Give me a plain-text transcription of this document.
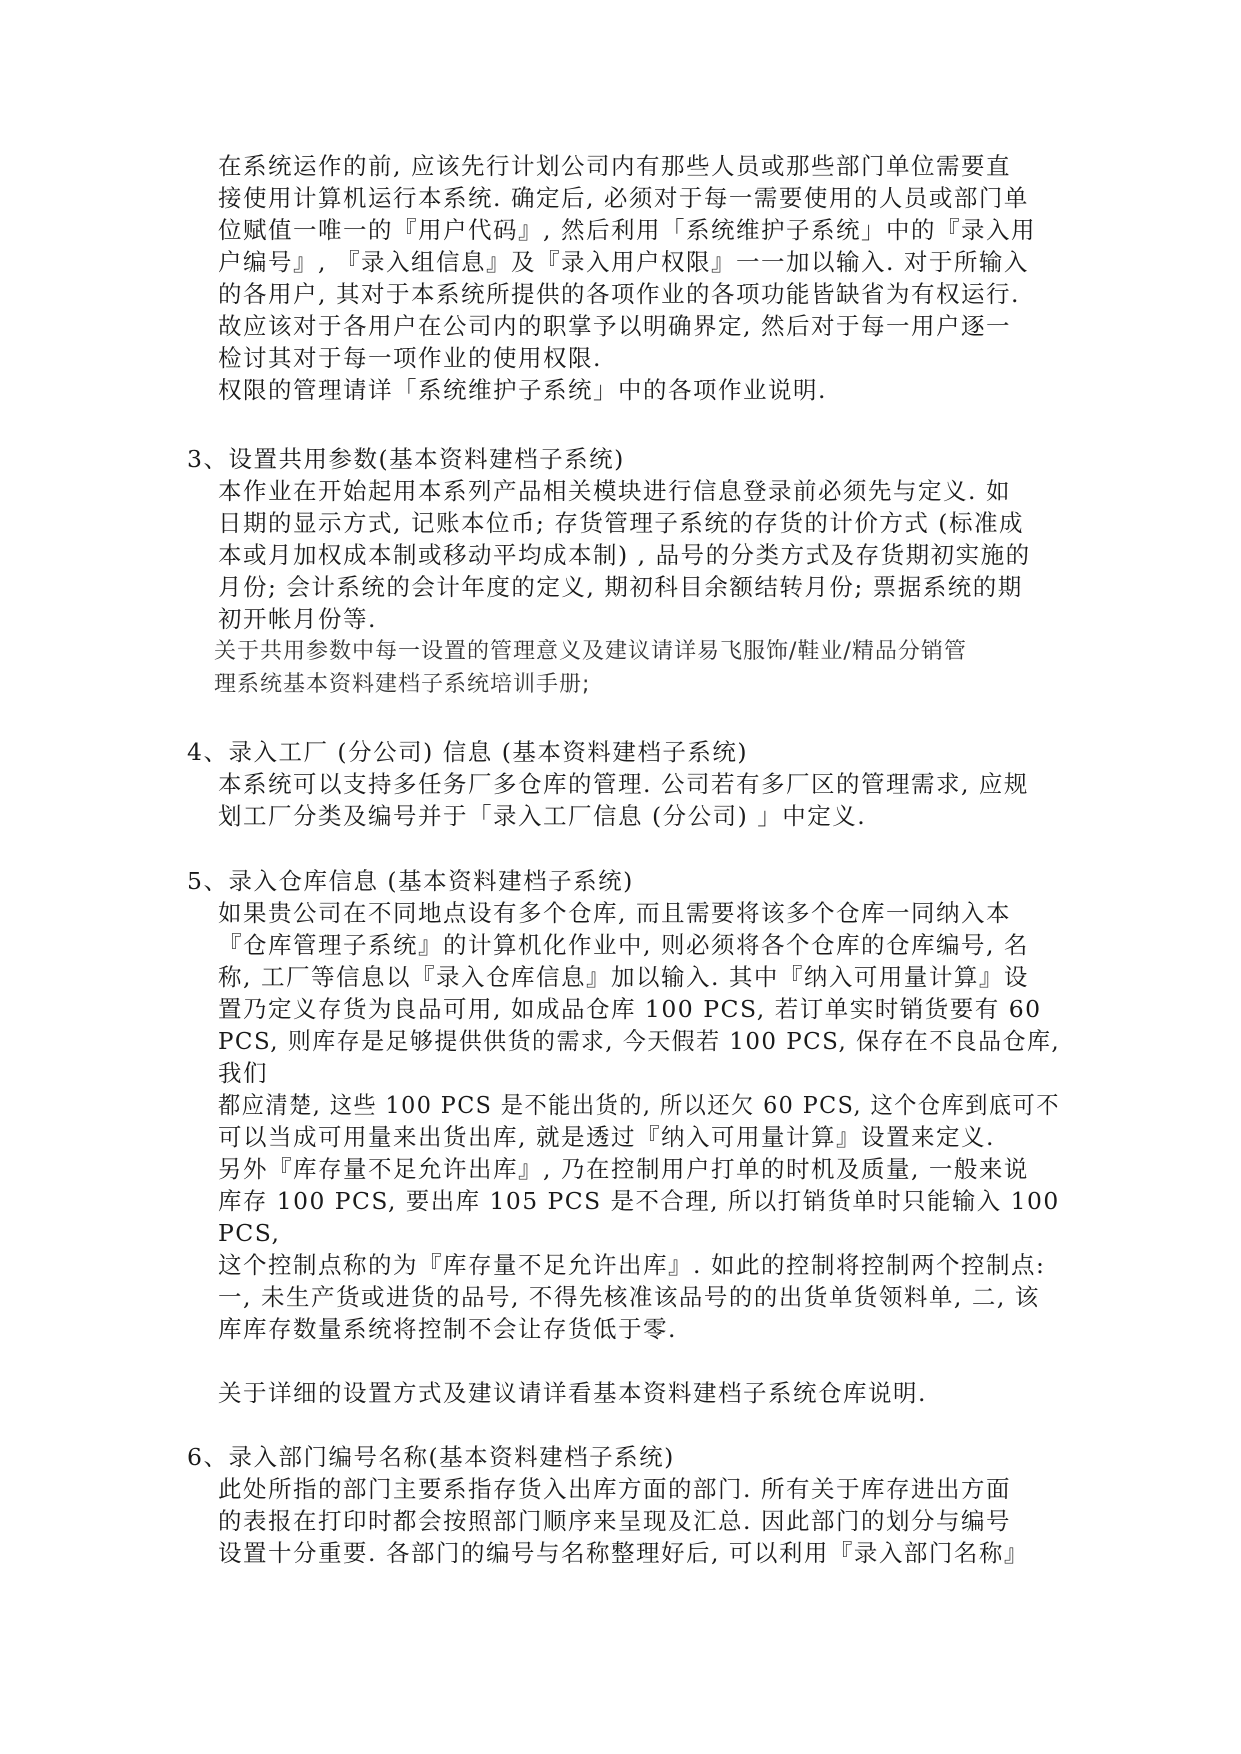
在系统运作的前, 应该先行计划公司内有那些人员或那些部门单位需要直
接使用计算机运行本系统. 确定后, 必须对于每一需要使用的人员或部门单
位赋值一唯一的『用户代码』, 然后利用「系统维护子系统」中的『录入用
户编号』, 『录入组信息』及『录入用户权限』一一加以输入. 对于所输入
的各用户, 其对于本系统所提供的各项作业的各项功能皆缺省为有权运行.
故应该对于各用户在公司内的职掌予以明确界定, 然后对于每一用户逐一
检讨其对于每一项作业的使用权限.
权限的管理请详「系统维护子系统」中的各项作业说明.
3、设置共用参数(基本资料建档子系统)
本作业在开始起用本系列产品相关模块进行信息登录前必须先与定义. 如
日期的显示方式, 记账本位币; 存货管理子系统的存货的计价方式 (标准成
本或月加权成本制或移动平均成本制) , 品号的分类方式及存货期初实施的
月份; 会计系统的会计年度的定义, 期初科目余额结转月份; 票据系统的期
初开帐月份等.
关于共用参数中每一设置的管理意义及建议请详易飞服饰/鞋业/精品分销管
理系统基本资料建档子系统培训手册;
4、录入工厂 (分公司) 信息 (基本资料建档子系统)
本系统可以支持多任务厂多仓库的管理. 公司若有多厂区的管理需求, 应规
划工厂分类及编号并于「录入工厂信息 (分公司) 」中定义.
5、录入仓库信息 (基本资料建档子系统)
如果贵公司在不同地点设有多个仓库, 而且需要将该多个仓库一同纳入本
『仓库管理子系统』的计算机化作业中, 则必须将各个仓库的仓库编号, 名
称, 工厂等信息以『录入仓库信息』加以输入. 其中『纳入可用量计算』设
置乃定义存货为良品可用, 如成品仓库 100 PCS, 若订单实时销货要有 60
PCS, 则库存是足够提供供货的需求, 今天假若 100 PCS, 保存在不良品仓库,
我们
都应清楚, 这些 100 PCS 是不能出货的, 所以还欠 60 PCS, 这个仓库到底可不
可以当成可用量来出货出库, 就是透过『纳入可用量计算』设置来定义.
另外『库存量不足允许出库』, 乃在控制用户打单的时机及质量, 一般来说
库存 100 PCS, 要出库 105 PCS 是不合理, 所以打销货单时只能输入 100
PCS,
这个控制点称的为『库存量不足允许出库』. 如此的控制将控制两个控制点:
一, 未生产货或进货的品号, 不得先核准该品号的的出货单货领料单, 二, 该
库库存数量系统将控制不会让存货低于零.
关于详细的设置方式及建议请详看基本资料建档子系统仓库说明.
6、录入部门编号名称(基本资料建档子系统)
此处所指的部门主要系指存货入出库方面的部门. 所有关于库存进出方面
的表报在打印时都会按照部门顺序来呈现及汇总. 因此部门的划分与编号
设置十分重要. 各部门的编号与名称整理好后, 可以利用『录入部门名称』
